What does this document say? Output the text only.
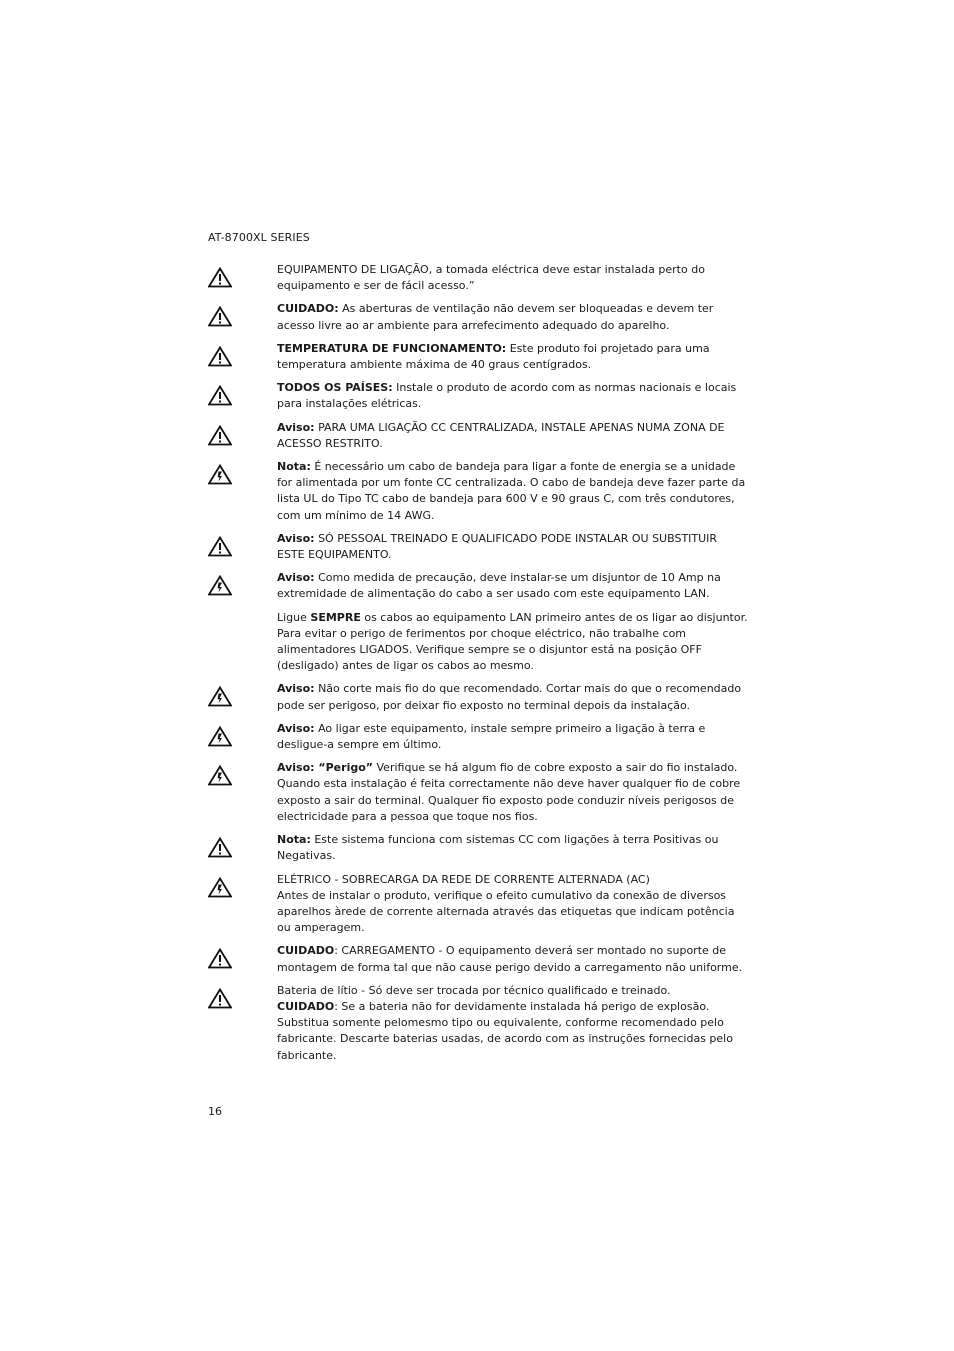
AT-8700XL SERIES

EQUIPAMENTO DE LIGAÇÃO, a tomada eléctrica deve estar instalada perto do equipamento e ser de fácil acesso.”

CUIDADO: As aberturas de ventilação não devem ser bloqueadas e devem ter acesso livre ao ar ambiente para arrefecimento adequado do aparelho.

TEMPERATURA DE FUNCIONAMENTO: Este produto foi projetado para uma temperatura ambiente máxima de 40 graus centígrados.

TODOS OS PAÍSES: Instale o produto de acordo com as normas nacionais e locais para instalações elétricas.

Aviso: PARA UMA LIGAÇÃO CC CENTRALIZADA, INSTALE APENAS NUMA ZONA DE ACESSO RESTRITO.

Nota: É necessário um cabo de bandeja para ligar a fonte de energia se a unidade for alimentada por um fonte CC centralizada. O cabo de bandeja deve fazer parte da lista UL do Tipo TC cabo de bandeja para 600 V e 90 graus C, com três condutores, com um mínimo de 14 AWG.

Aviso: SÓ PESSOAL TREINADO E QUALIFICADO PODE INSTALAR OU SUBSTITUIR ESTE EQUIPAMENTO.

Aviso: Como medida de precaução, deve instalar-se um disjuntor de 10 Amp na extremidade de alimentação do cabo a ser usado com este equipamento LAN.

Ligue SEMPRE os cabos ao equipamento LAN primeiro antes de os ligar ao disjuntor. Para evitar o perigo de ferimentos por choque eléctrico, não trabalhe com alimentadores LIGADOS. Verifique sempre se o disjuntor está na posição OFF (desligado) antes de ligar os cabos ao mesmo.

Aviso: Não corte mais fio do que recomendado. Cortar mais do que o recomendado pode ser perigoso, por deixar fio exposto no terminal depois da instalação.

Aviso: Ao ligar este equipamento, instale sempre primeiro a ligação à terra e desligue-a sempre em último.

Aviso: “Perigo” Verifique se há algum fio de cobre exposto a sair do fio instalado. Quando esta instalação é feita correctamente não deve haver qualquer fio de cobre exposto a sair do terminal. Qualquer fio exposto pode conduzir níveis perigosos de electricidade para a pessoa que toque nos fios.

Nota: Este sistema funciona com sistemas CC com ligações à terra Positivas ou Negativas.

ELÉTRICO - SOBRECARGA DA REDE DE CORRENTE ALTERNADA (AC)

Antes de instalar o produto, verifique o efeito cumulativo da conexão de diversos aparelhos àrede de corrente alternada através das etiquetas que indicam potência ou amperagem.

CUIDADO: CARREGAMENTO - O equipamento deverá ser montado no suporte de montagem de forma tal que não cause perigo devido a carregamento não uniforme.

Bateria de lítio - Só deve ser trocada por técnico qualificado e treinado.

CUIDADO: Se a bateria não for devidamente instalada há perigo de explosão. Substitua somente pelomesmo tipo ou equivalente, conforme recomendado pelo fabricante. Descarte baterias usadas, de acordo com as instruções fornecidas pelo fabricante.

16
